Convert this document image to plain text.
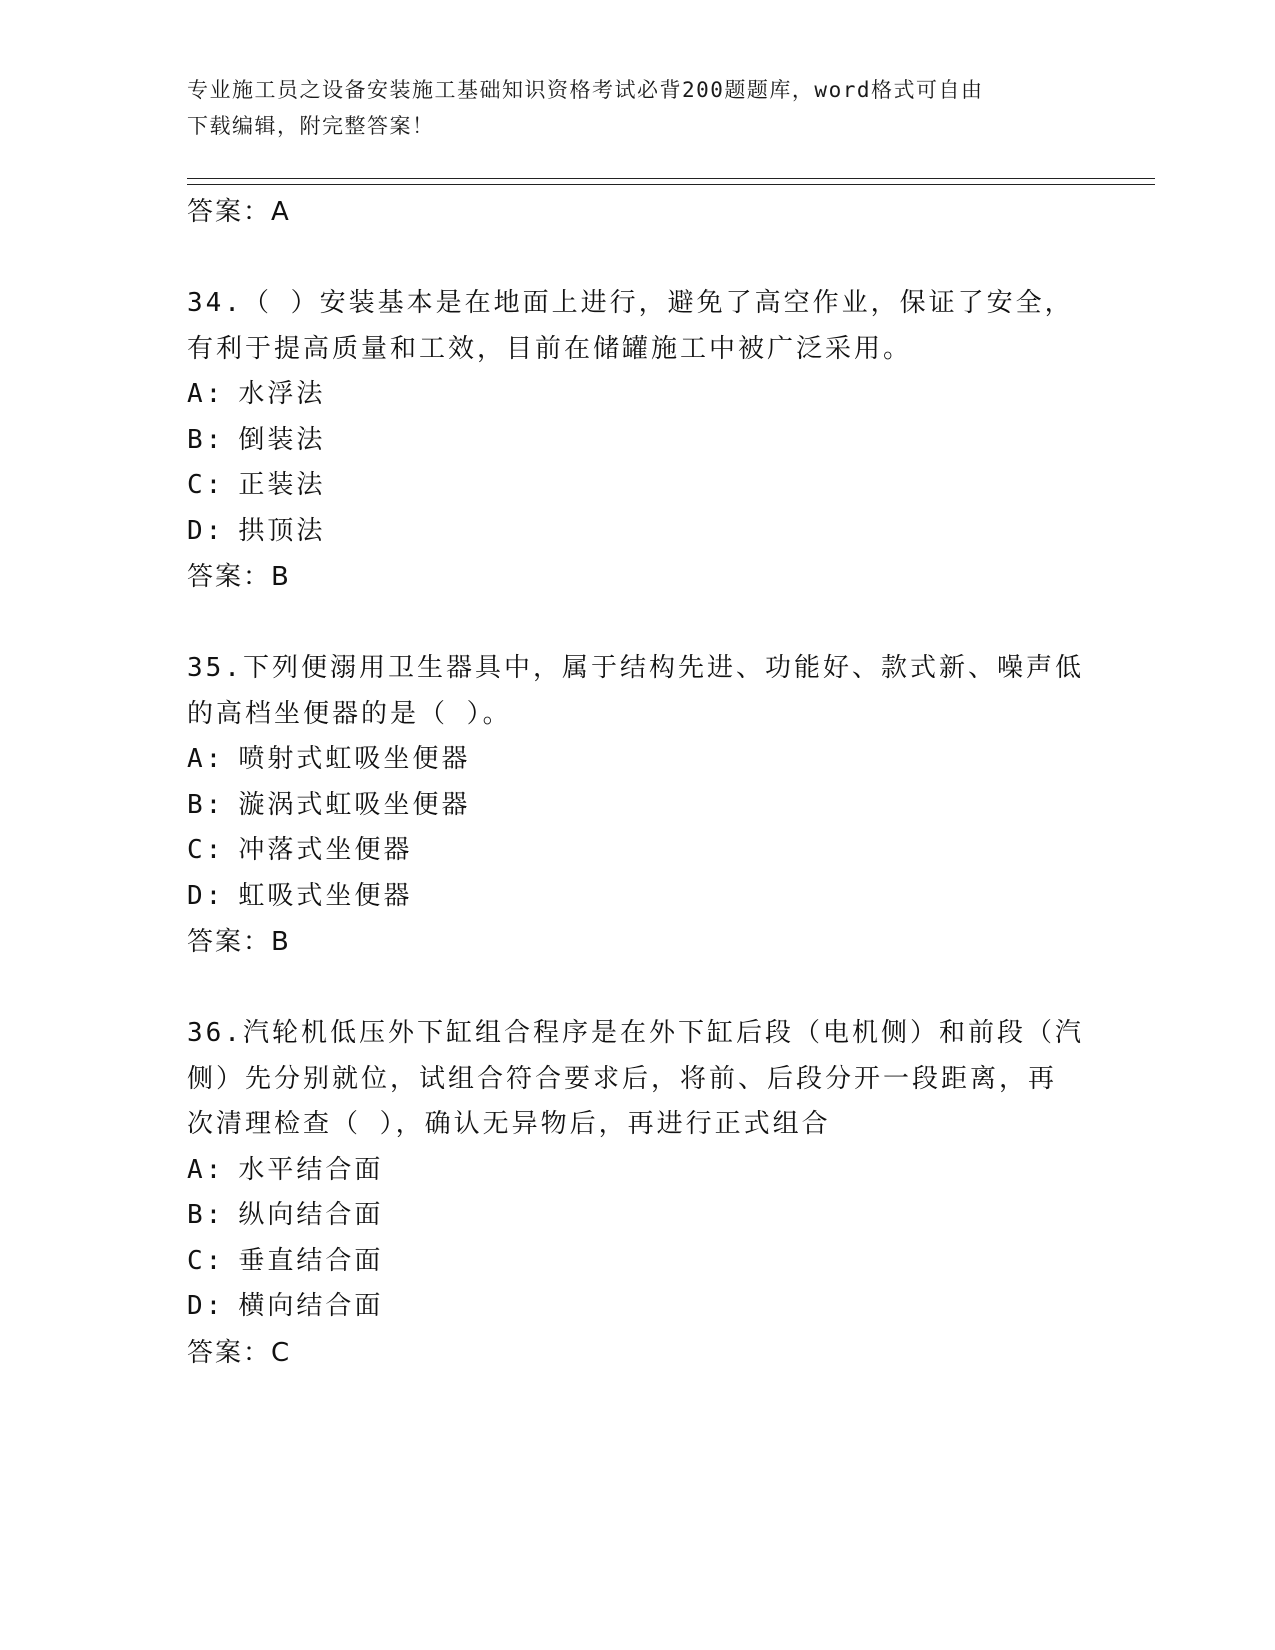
专业施工员之设备安装施工基础知识资格考试必背200题题库，word格式可自由
下载编辑，附完整答案！

答案：A

34.（ ）安装基本是在地面上进行，避免了高空作业，保证了安全，

有利于提高质量和工效，目前在储罐施工中被广泛采用。

A: 水浮法

B: 倒装法

C: 正装法

D: 拱顶法

答案：B

35.下列便溺用卫生器具中，属于结构先进、功能好、款式新、噪声低

的高档坐便器的是（ ）。

A: 喷射式虹吸坐便器

B: 漩涡式虹吸坐便器

C: 冲落式坐便器

D: 虹吸式坐便器

答案：B

36.汽轮机低压外下缸组合程序是在外下缸后段（电机侧）和前段（汽

侧）先分别就位，试组合符合要求后，将前、后段分开一段距离，再

次清理检查（ ），确认无异物后，再进行正式组合

A: 水平结合面

B: 纵向结合面

C: 垂直结合面

D: 横向结合面

答案：C
